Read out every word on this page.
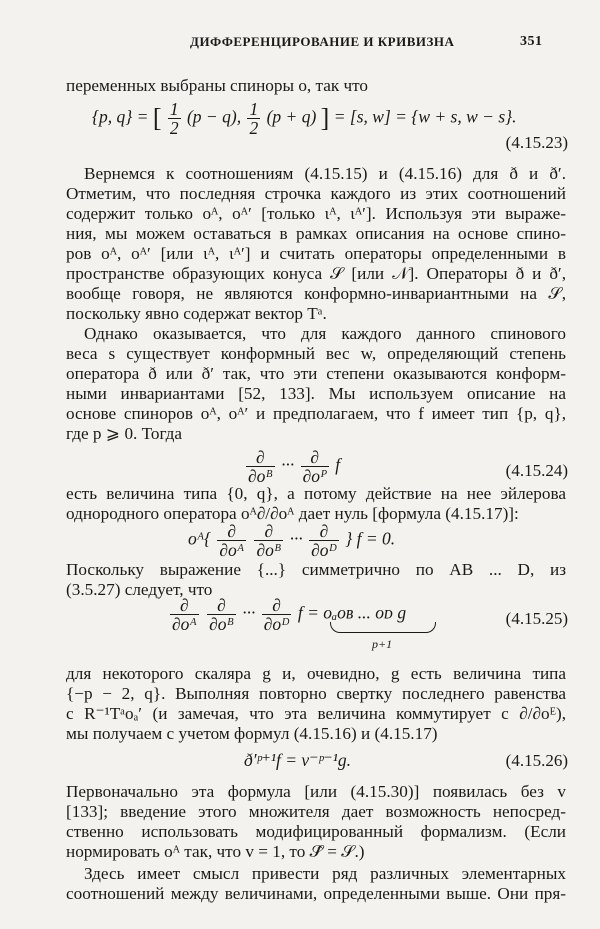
ДИФФЕРЕНЦИРОВАНИЕ И КРИВИЗНА	351
переменных выбраны спиноры o, так что
{p, q} = [ $\frac{1}{2} (p - q)$, $\frac{1}{2} (p + q)$ ] = [s, w] = {w + s, w − s}.
(4.15.23)
Вернемся к соотношениям (4.15.15) и (4.15.16) для ð и ð′.
Отметим, что последняя строчка каждого из этих соотношений
содержит только oᴬ, oᴬ′ [только ιᴬ, ιᴬ′]. Используя эти выраже-
ния, мы можем оставаться в рамках описания на основе спино-
ров oᴬ, oᴬ′ [или ιᴬ, ιᴬ′] и считать операторы определенными в
пространстве образующих конуса 𝒮 [или 𝒩]. Операторы ð и ð′,
вообще говоря, не являются конформно-инвариантными на 𝒮,
поскольку явно содержат вектор Tᵃ.
Однако оказывается, что для каждого данного спинового
веса s существует конформный вес w, определяющий степень
оператора ð или ð′ так, что эти степени оказываются конформ-
ными инвариантами [52, 133]. Мы используем описание на
основе спиноров oᴬ, oᴬ′ и предполагаем, что f имеет тип {p, q},
где p ⩾ 0. Тогда
$\frac{\partial}{\text{∂oᴮ}}$ ··· $\frac{\partial}{\text{∂oᴾ}}$ f	(4.15.24)
есть величина типа {0, q}, а потому действие на нее эйлерова
однородного оператора oᴬ∂/∂oᴬ дает нуль [формула (4.15.17)]:
oᴬ{ $\frac{\partial}{\text{∂oᴬ}}$
$\frac{\partial}{\text{∂oᴮ}}$ ··· $\frac{\partial}{\text{∂oᴰ}}$ } f = 0.
Поскольку выражение {...} симметрично по AB ... D, из
(3.5.27) следует, что
$\frac{\partial}{\text{∂oᴬ}}$
$\frac{\partial}{\text{∂oᴮ}}$ ··· $\frac{\partial}{\text{∂oᴰ}}$ f = oₐoʙ ... oᴅ g
p+1
(4.15.25)
для некоторого скаляра g и, очевидно, g есть величина типа
{−p − 2, q}. Выполняя повторно свертку последнего равенства
с R⁻¹Tᵃoₐ′ (и замечая, что эта величина коммутирует с ∂/∂oᴱ),
мы получаем с учетом формул (4.15.16) и (4.15.17)
ð′ᵖ⁺¹f = v⁻ᵖ⁻¹g.	(4.15.26)
Первоначально эта формула [или (4.15.30)] появилась без v
[133]; введение этого множителя дает возможность непосред-
ственно использовать модифицированный формализм. (Если
нормировать oᴬ так, что v = 1, то 𝒮̂ = 𝒮.)
Здесь имеет смысл привести ряд различных элементарных
соотношений между величинами, определенными выше. Они пря-
